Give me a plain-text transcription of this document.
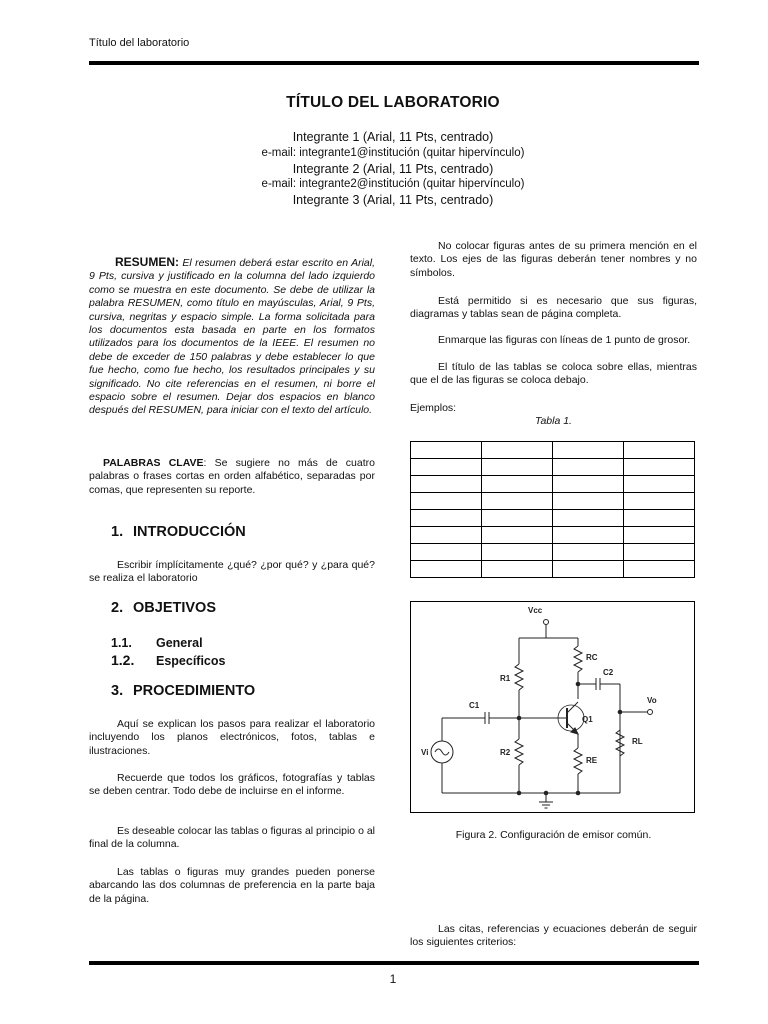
Título del laboratorio
TÍTULO DEL LABORATORIO
Integrante 1 (Arial, 11 Pts, centrado)
e-mail: integrante1@institución (quitar hipervínculo)
Integrante 2 (Arial, 11 Pts, centrado)
e-mail: integrante2@institución (quitar hipervínculo)
Integrante 3 (Arial, 11 Pts, centrado)
RESUMEN: El resumen deberá estar escrito en Arial, 9 Pts, cursiva y justificado en la columna del lado izquierdo como se muestra en este documento. Se debe de utilizar la palabra RESUMEN, como título en mayúsculas, Arial, 9 Pts, cursiva, negritas y espacio simple. La forma solicitada para los documentos esta basada en parte en los formatos utilizados para los documentos de la IEEE. El resumen no debe de exceder de 150 palabras y debe establecer lo que fue hecho, como fue hecho, los resultados principales y su significado. No cite referencias en el resumen, ni borre el espacio sobre el resumen. Dejar dos espacios en blanco después del RESUMEN, para iniciar con el texto del artículo.
PALABRAS CLAVE: Se sugiere no más de cuatro palabras o frases cortas en orden alfabético, separadas por comas, que representen su reporte.
1. INTRODUCCIÓN
Escribir ímplícitamente ¿qué? ¿por qué? y ¿para qué? se realiza el laboratorio
2. OBJETIVOS
1.1. General
1.2. Específicos
3. PROCEDIMIENTO
Aquí se explican los pasos para realizar el laboratorio incluyendo los planos electrónicos, fotos, tablas e ilustraciones.
Recuerde que todos los gráficos, fotografías y tablas se deben centrar. Todo debe de incluirse en el informe.
Es deseable colocar las tablas o figuras al principio o al final de la columna.
Las tablas o figuras muy grandes pueden ponerse abarcando las dos columnas de preferencia en la parte baja de la página.
No colocar figuras antes de su primera mención en el texto. Los ejes de las figuras deberán tener nombres y no símbolos.
Está permitido si es necesario que sus figuras, diagramas y tablas sean de página completa.
Enmarque las figuras con líneas de 1 punto de grosor.
El título de las tablas se coloca sobre ellas, mientras que el de las figuras se coloca debajo.
Ejemplos:
Tabla 1.

Vcc
RC
C2
R1
C1
Q1
Vo
Vi	R2
RE
RL
Figura 2. Configuración de emisor común.
Las citas, referencias y ecuaciones deberán de seguir los siguientes criterios:
1
